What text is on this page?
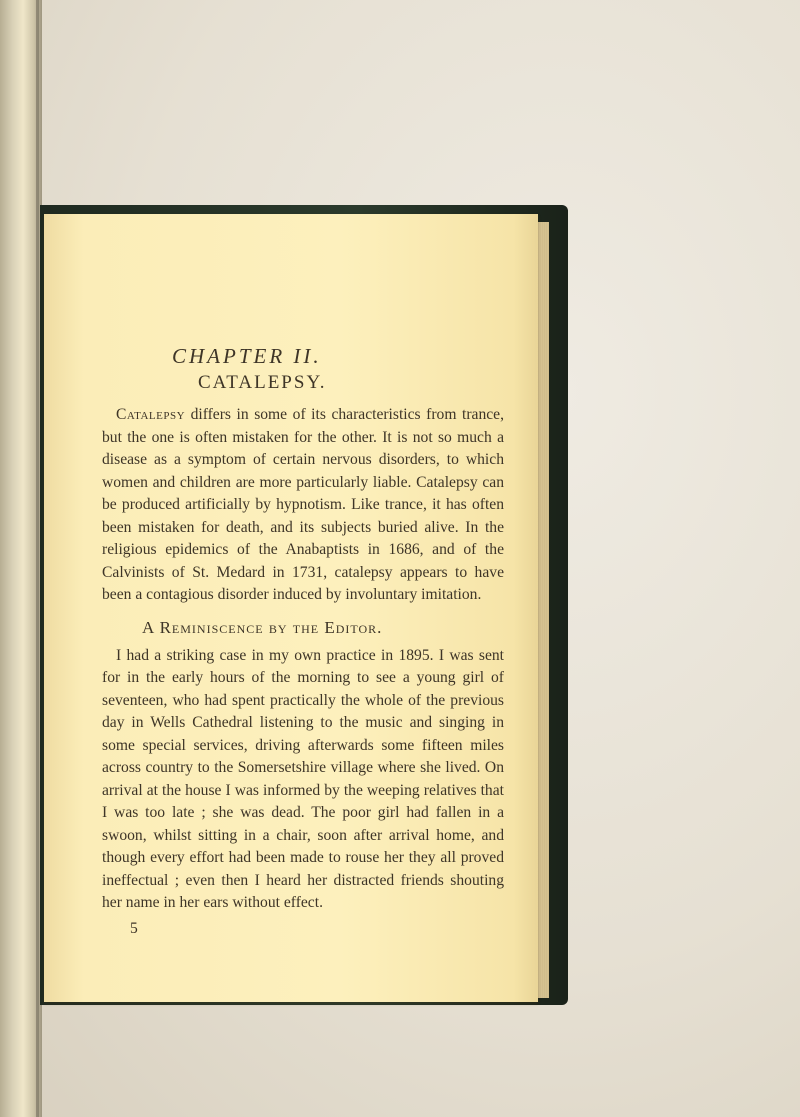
CHAPTER II.
CATALEPSY.

Catalepsy differs in some of its characteristics from trance, but the one is often mistaken for the other. It is not so much a disease as a symptom of certain nervous disorders, to which women and children are more particularly liable. Catalepsy can be produced artificially by hypnotism. Like trance, it has often been mistaken for death, and its subjects buried alive. In the religious epidemics of the Anabaptists in 1686, and of the Calvinists of St. Medard in 1731, catalepsy appears to have been a contagious disorder induced by involuntary imitation.

A Reminiscence by the Editor.

I had a striking case in my own practice in 1895. I was sent for in the early hours of the morning to see a young girl of seventeen, who had spent practically the whole of the previous day in Wells Cathedral listening to the music and singing in some special services, driving afterwards some fifteen miles across country to the Somersetshire village where she lived. On arrival at the house I was informed by the weeping relatives that I was too late ; she was dead. The poor girl had fallen in a swoon, whilst sitting in a chair, soon after arrival home, and though every effort had been made to rouse her they all proved ineffectual ; even then I heard her distracted friends shouting her name in her ears without effect.

5
